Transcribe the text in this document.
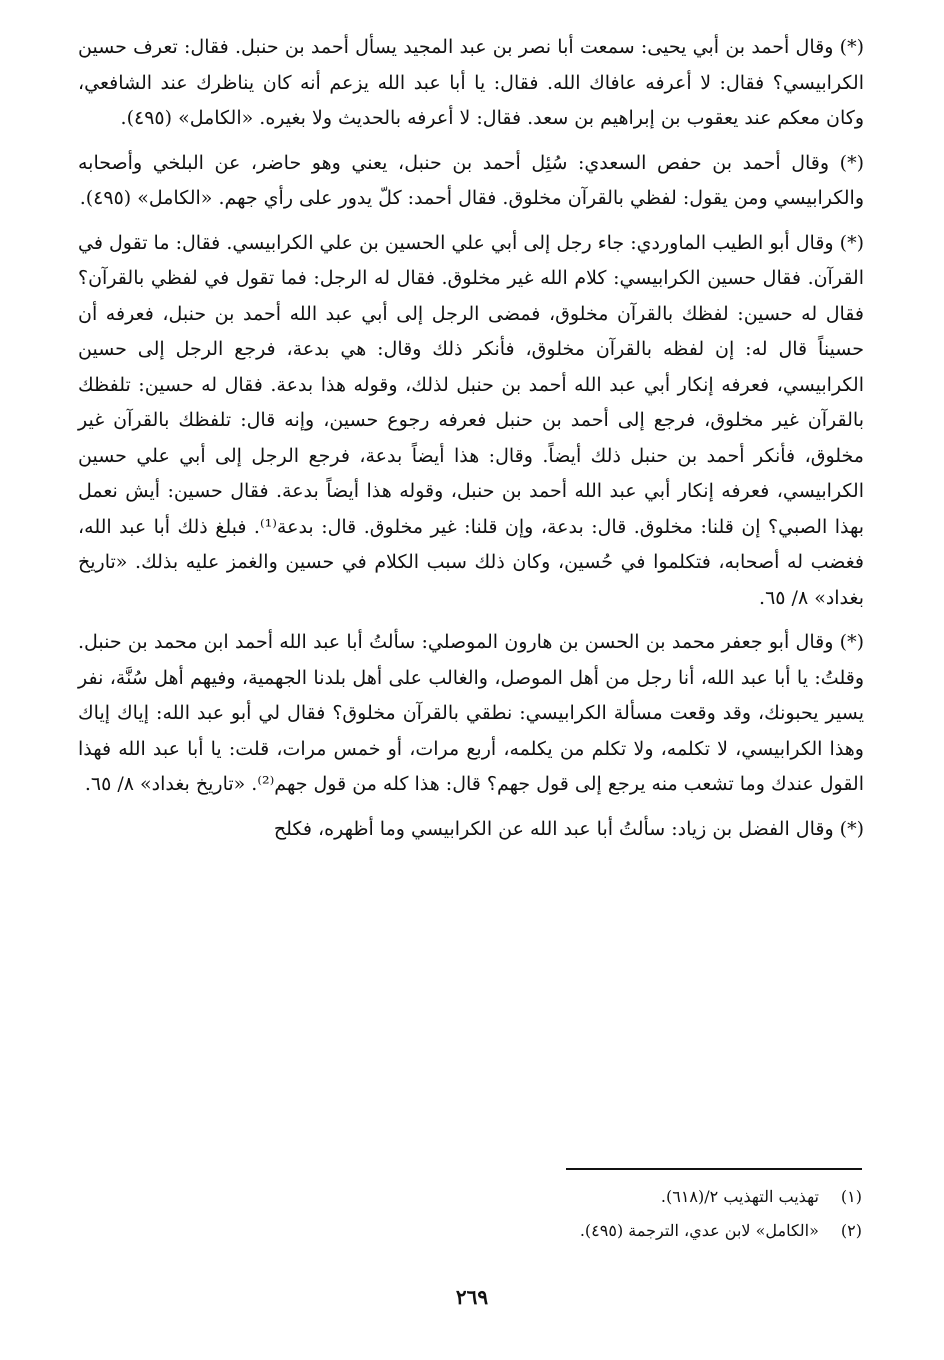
(*) وقال أحمد بن أبي يحيى: سمعت أبا نصر بن عبد المجيد يسأل أحمد بن حنبل. فقال: تعرف حسين الكرابيسي؟ فقال: لا أعرفه عافاك الله. فقال: يا أبا عبد الله يزعم أنه كان يناظرك عند الشافعي، وكان معكم عند يعقوب بن إبراهيم بن سعد. فقال: لا أعرفه بالحديث ولا بغيره. «الكامل» (٤٩٥).

(*) وقال أحمد بن حفص السعدي: سُئِل أحمد بن حنبل، يعني وهو حاضر، عن البلخي وأصحابه والكرابيسي ومن يقول: لفظي بالقرآن مخلوق. فقال أحمد: كلّ يدور على رأي جهم. «الكامل» (٤٩٥).

(*) وقال أبو الطيب الماوردي: جاء رجل إلى أبي علي الحسين بن علي الكرابيسي. فقال: ما تقول في القرآن. فقال حسين الكرابيسي: كلام الله غير مخلوق. فقال له الرجل: فما تقول في لفظي بالقرآن؟ فقال له حسين: لفظك بالقرآن مخلوق، فمضى الرجل إلى أبي عبد الله أحمد بن حنبل، فعرفه أن حسيناً قال له: إن لفظه بالقرآن مخلوق، فأنكر ذلك وقال: هي بدعة، فرجع الرجل إلى حسين الكرابيسي، فعرفه إنكار أبي عبد الله أحمد بن حنبل لذلك، وقوله هذا بدعة. فقال له حسين: تلفظك بالقرآن غير مخلوق، فرجع إلى أحمد بن حنبل فعرفه رجوع حسين، وإنه قال: تلفظك بالقرآن غير مخلوق، فأنكر أحمد بن حنبل ذلك أيضاً. وقال: هذا أيضاً بدعة، فرجع الرجل إلى أبي علي حسين الكرابيسي، فعرفه إنكار أبي عبد الله أحمد بن حنبل، وقوله هذا أيضاً بدعة. فقال حسين: أيش نعمل بهذا الصبي؟ إن قلنا: مخلوق. قال: بدعة، وإن قلنا: غير مخلوق. قال: بدعة⁽¹⁾. فبلغ ذلك أبا عبد الله، فغضب له أصحابه، فتكلموا في حُسين، وكان ذلك سبب الكلام في حسين والغمز عليه بذلك. «تاريخ بغداد» ٨/ ٦٥.

(*) وقال أبو جعفر محمد بن الحسن بن هارون الموصلي: سألتُ أبا عبد الله أحمد ابن محمد بن حنبل. وقلتُ: يا أبا عبد الله، أنا رجل من أهل الموصل، والغالب على أهل بلدنا الجهمية، وفيهم أهل سُنَّة، نفر يسير يحبونك، وقد وقعت مسألة الكرابيسي: نطقي بالقرآن مخلوق؟ فقال لي أبو عبد الله: إياك إياك وهذا الكرابيسي، لا تكلمه، ولا تكلم من يكلمه، أربع مرات، أو خمس مرات، قلت: يا أبا عبد الله فهذا القول عندك وما تشعب منه يرجع إلى قول جهم؟ قال: هذا كله من قول جهم⁽²⁾. «تاريخ بغداد» ٨/ ٦٥.

(*) وقال الفضل بن زياد: سألتُ أبا عبد الله عن الكرابيسي وما أظهره، فكلح

(١) تهذيب التهذيب ٢/(٦١٨).

(٢) «الكامل» لابن عدي، الترجمة (٤٩٥).

٢٦٩
